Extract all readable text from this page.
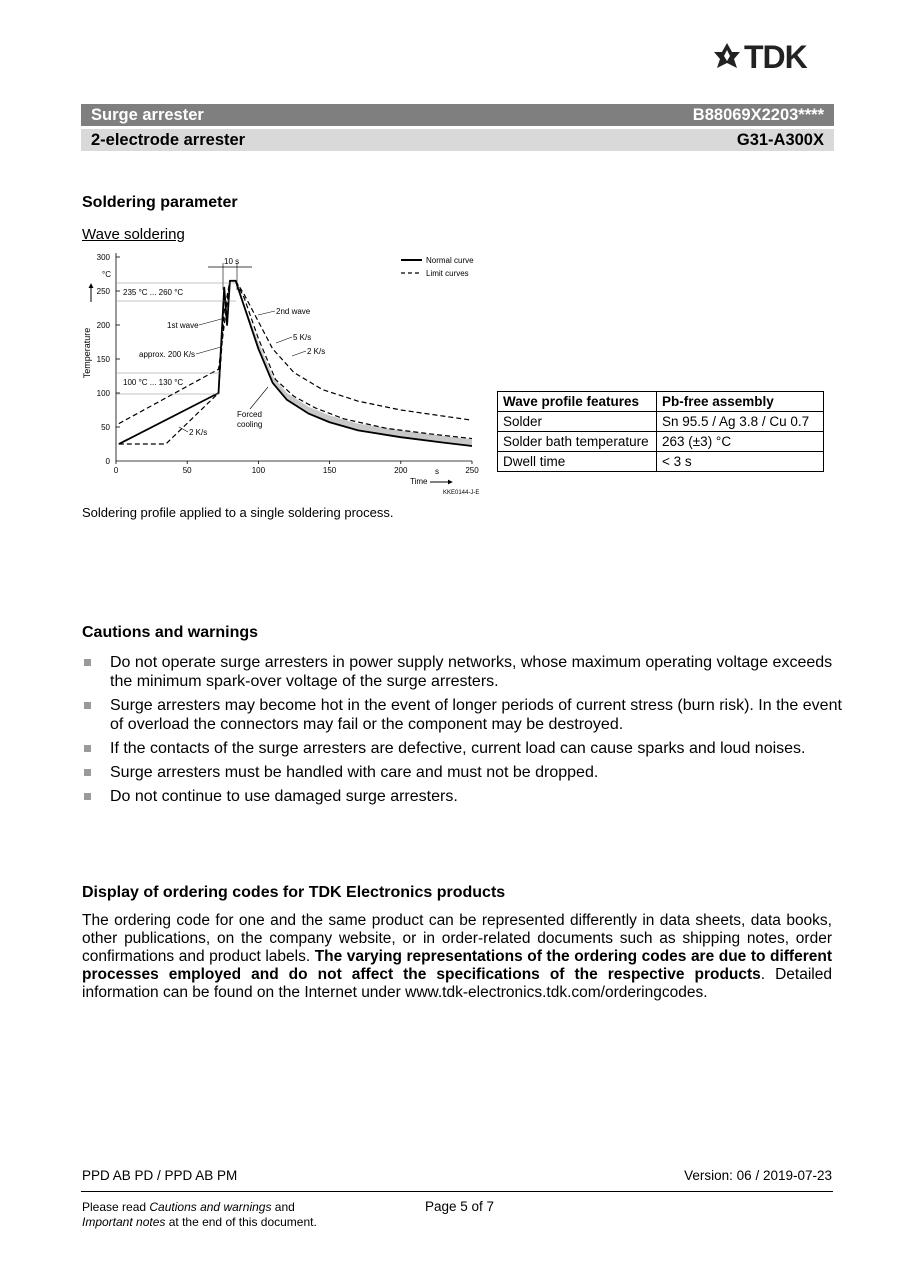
TDK
Surge arrester	B88069X2203****
2-electrode arrester	G31-A300X
Soldering parameter
Wave soldering
0	50	100	150	200	250
0
50
100
150
200
250
300
Temperature
°C
s
Time
Normal curve
Limit curves
10 s
235 °C ... 260 °C
1st wave
2nd wave
approx. 200 K/s
5 K/s
2 K/s
100 °C ... 130 °C
Forced
cooling
2 K/s
KKE0144-J-E
Wave profile features	Pb-free assembly
Solder	Sn 95.5 / Ag 3.8 / Cu 0.7
Solder bath temperature	263 (±3) °C
Dwell time	< 3 s
Soldering profile applied to a single soldering process.
Cautions and warnings
Do not operate surge arresters in power supply networks, whose maximum operating voltage exceeds the minimum spark-over voltage of the surge arresters.
Surge arresters may become hot in the event of longer periods of current stress (burn risk). In the event of overload the connectors may fail or the component may be destroyed.
If the contacts of the surge arresters are defective, current load can cause sparks and loud noises.
Surge arresters must be handled with care and must not be dropped.
Do not continue to use damaged surge arresters.
Display of ordering codes for TDK Electronics products
The ordering code for one and the same product can be represented differently in data sheets, data books, other publications, on the company website, or in order-related documents such as shipping notes, order confirmations and product labels. The varying representations of the ordering codes are due to different processes employed and do not affect the specifications of the respective products. Detailed information can be found on the Internet under www.tdk-electronics.tdk.com/orderingcodes.
PPD AB PD / PPD AB PM	Version: 06 / 2019-07-23
Please read Cautions and warnings and
Important notes at the end of this document.
Page 5 of 7
